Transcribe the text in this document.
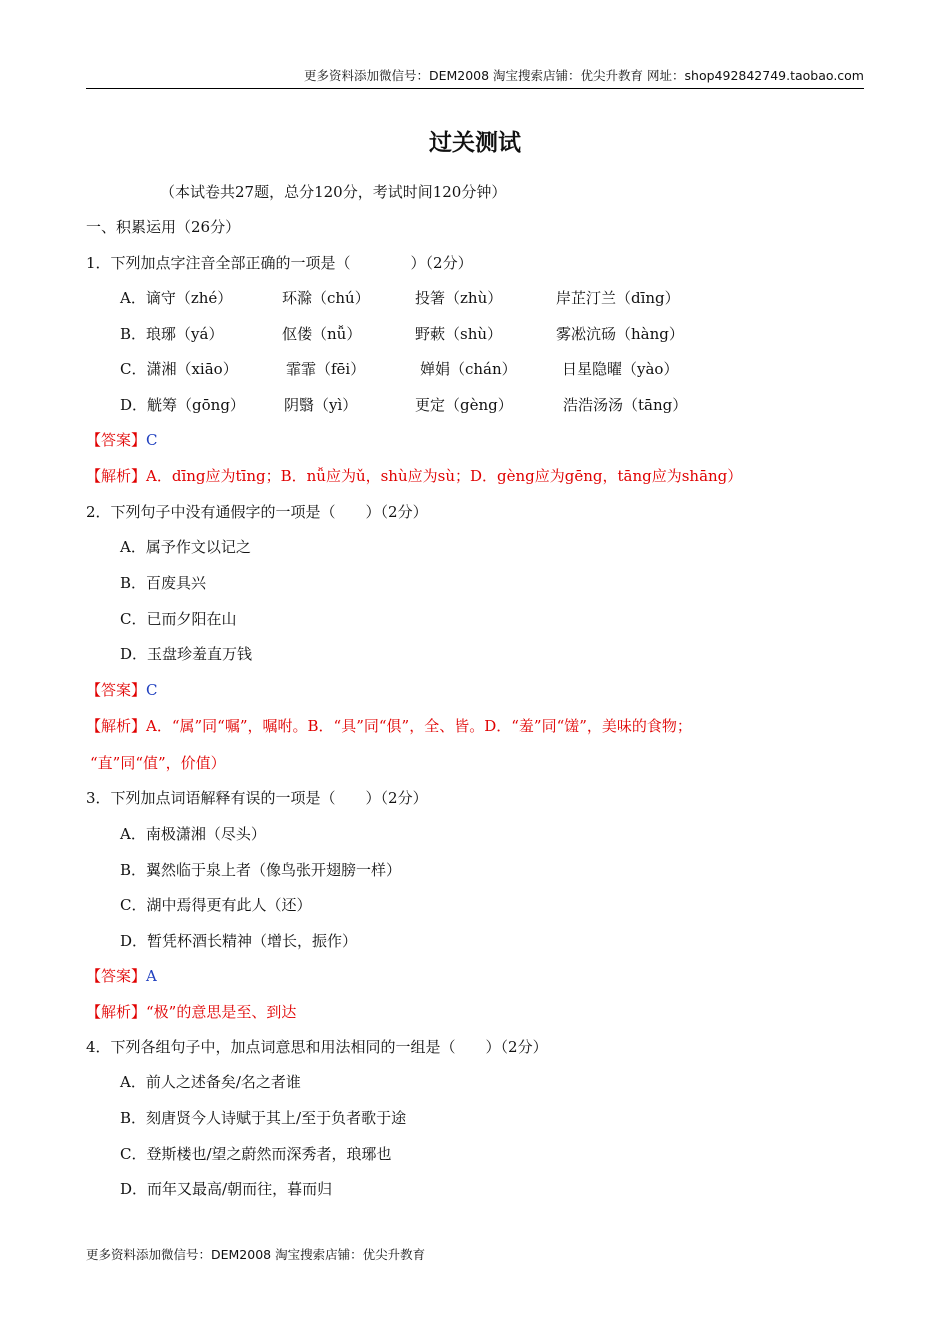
更多资料添加微信号：DEM2008 淘宝搜索店铺：优尖升教育 网址：shop492842749.taobao.com
过关测试
（本试卷共27题，总分120分，考试时间120分钟）
一、积累运用（26分）
1．下列加点字注音全部正确的一项是（　　　　）（2分）
A．谪守（zhé）	环滁（chú）	投箸（zhù）	岸芷汀兰（dīng）
B．琅琊（yá）	伛偻（nǚ）	野蔌（shù）	雾凇沆砀（hàng）
C．潇湘（xiāo）	霏霏（fēi）	婵娟（chán）	日星隐曜（yào）
D．觥筹（gōng）	阴翳（yì）	更定（gèng）	浩浩汤汤（tāng）
【答案】C
【解析】A．dīng应为tīng；B．nǚ应为ǔ，shù应为sù；D．gèng应为gēng，tāng应为shāng）
2．下列句子中没有通假字的一项是（　　）（2分）
A．属予作文以记之
B．百废具兴
C．已而夕阳在山
D．玉盘珍羞直万钱
【答案】C
【解析】A．“属”同“嘱”，嘱咐。B．“具”同“俱”，全、皆。D．“羞”同“馐”，美味的食物；
“直”同“值”，价值）
3．下列加点词语解释有误的一项是（　　）（2分）
A．南极潇湘（尽头）
B．翼然临于泉上者（像鸟张开翅膀一样）
C．湖中焉得更有此人（还）
D．暂凭杯酒长精神（增长，振作）
【答案】A
【解析】“极”的意思是至、到达
4．下列各组句子中，加点词意思和用法相同的一组是（　　）（2分）
A．前人之述备矣/名之者谁
B．刻唐贤今人诗赋于其上/至于负者歌于途
C．登斯楼也/望之蔚然而深秀者，琅琊也
D．而年又最高/朝而往，暮而归
更多资料添加微信号：DEM2008 淘宝搜索店铺：优尖升教育
